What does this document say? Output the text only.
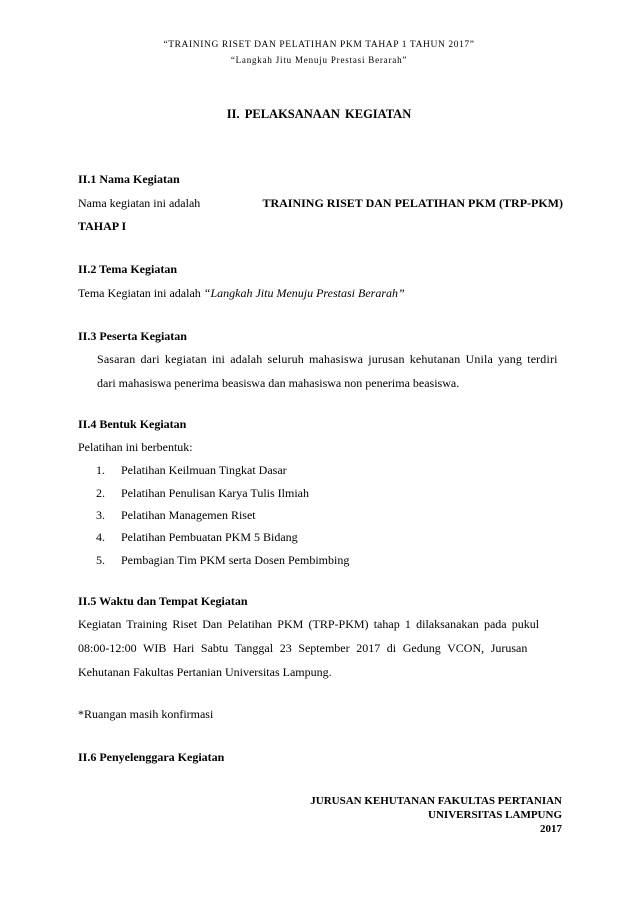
“TRAINING RISET DAN PELATIHAN PKM TAHAP 1 TAHUN 2017”
“Langkah Jitu Menuju Prestasi Berarah”
II. PELAKSANAAN KEGIATAN
II.1 Nama Kegiatan
Nama kegiatan ini adalah	TRAINING RISET DAN PELATIHAN PKM (TRP-PKM)
TAHAP I
II.2 Tema Kegiatan
Tema Kegiatan ini adalah “Langkah Jitu Menuju Prestasi Berarah”
II.3 Peserta Kegiatan
Sasaran dari kegiatan ini adalah seluruh mahasiswa jurusan kehutanan Unila yang terdiri
dari mahasiswa penerima beasiswa dan mahasiswa non penerima beasiswa.
II.4 Bentuk Kegiatan
Pelatihan ini berbentuk:
1. Pelatihan Keilmuan Tingkat Dasar
2. Pelatihan Penulisan Karya Tulis Ilmiah
3. Pelatihan Managemen Riset
4. Pelatihan Pembuatan PKM 5 Bidang
5. Pembagian Tim PKM serta Dosen Pembimbing
II.5 Waktu dan Tempat Kegiatan
Kegiatan Training Riset Dan Pelatihan PKM (TRP-PKM) tahap 1 dilaksanakan pada pukul
08:00-12:00 WIB Hari Sabtu Tanggal 23 September 2017 di Gedung VCON, Jurusan
Kehutanan Fakultas Pertanian Universitas Lampung.
*Ruangan masih konfirmasi
II.6 Penyelenggara Kegiatan
JURUSAN KEHUTANAN FAKULTAS PERTANIAN
UNIVERSITAS LAMPUNG
2017
